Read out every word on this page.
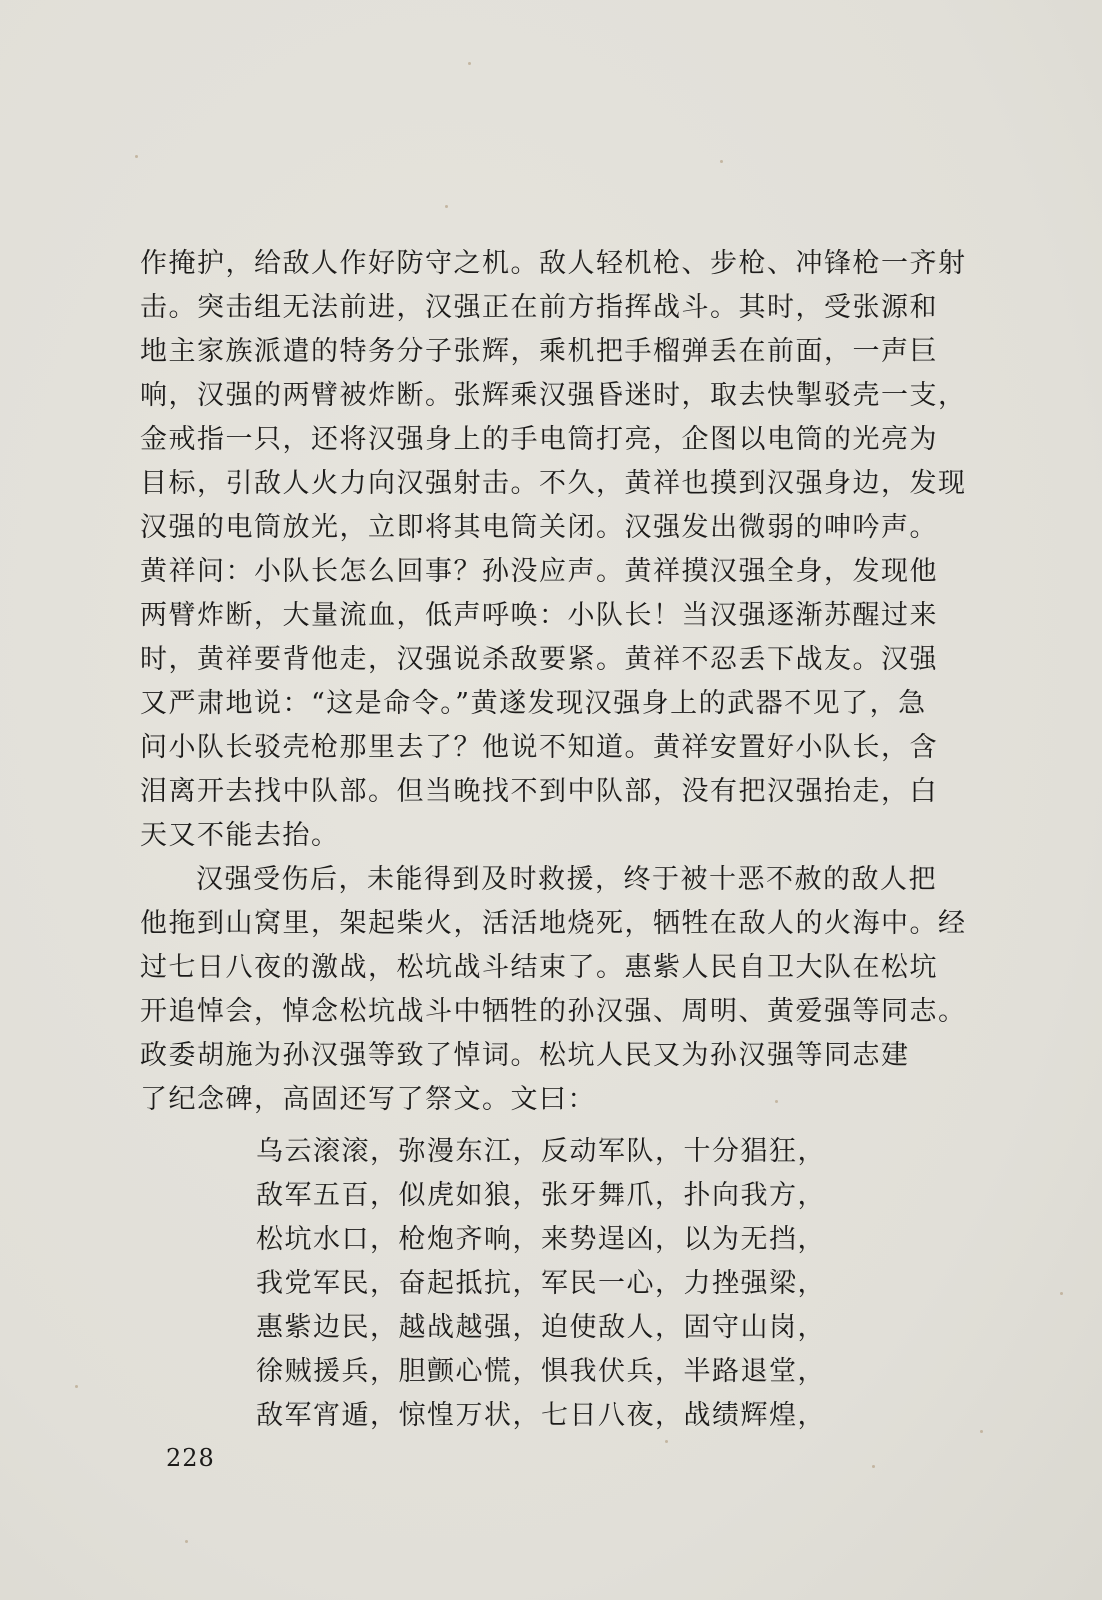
作掩护，给敌人作好防守之机。敌人轻机枪、步枪、冲锋枪一齐射
击。突击组无法前进，汉强正在前方指挥战斗。其时，受张源和
地主家族派遣的特务分子张辉，乘机把手榴弹丢在前面，一声巨
响，汉强的两臂被炸断。张辉乘汉强昏迷时，取去快掣驳壳一支，
金戒指一只，还将汉强身上的手电筒打亮，企图以电筒的光亮为
目标，引敌人火力向汉强射击。不久，黄祥也摸到汉强身边，发现
汉强的电筒放光，立即将其电筒关闭。汉强发出微弱的呻吟声。
黄祥问：小队长怎么回事？孙没应声。黄祥摸汉强全身，发现他
两臂炸断，大量流血，低声呼唤：小队长！当汉强逐渐苏醒过来
时，黄祥要背他走，汉强说杀敌要紧。黄祥不忍丢下战友。汉强
又严肃地说：“这是命令。”黄遂发现汉强身上的武器不见了，急
问小队长驳壳枪那里去了？他说不知道。黄祥安置好小队长，含
泪离开去找中队部。但当晚找不到中队部，没有把汉强抬走，白
天又不能去抬。
汉强受伤后，未能得到及时救援，终于被十恶不赦的敌人把
他拖到山窝里，架起柴火，活活地烧死，牺牲在敌人的火海中。经
过七日八夜的激战，松坑战斗结束了。惠紫人民自卫大队在松坑
开追悼会，悼念松坑战斗中牺牲的孙汉强、周明、黄爱强等同志。
政委胡施为孙汉强等致了悼词。松坑人民又为孙汉强等同志建
了纪念碑，高固还写了祭文。文曰：
乌云滚滚，弥漫东江，反动军队，十分猖狂，
敌军五百，似虎如狼，张牙舞爪，扑向我方，
松坑水口，枪炮齐响，来势逞凶，以为无挡，
我党军民，奋起抵抗，军民一心，力挫强梁，
惠紫边民，越战越强，迫使敌人，固守山岗，
徐贼援兵，胆颤心慌，惧我伏兵，半路退堂，
敌军宵遁，惊惶万状，七日八夜，战绩辉煌，
228
